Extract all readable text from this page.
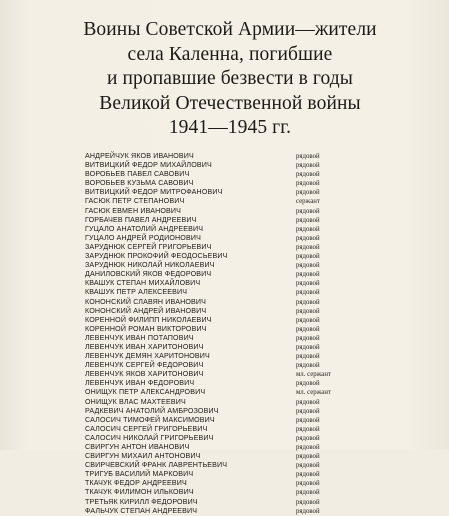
Воины Советской Армии—жители
села Каленна, погибшие
и пропавшие безвести в годы
Великой Отечественной войны
1941—1945 гг.
АНДРЕЙЧУК ЯКОВ ИВАНОВИЧ	рядовой
ВИТВИЦКИЙ ФЕДОР МИХАЙЛОВИЧ	рядовой
ВОРОБЬЕВ ПАВЕЛ САВОВИЧ	рядовой
ВОРОБЬЕВ КУЗЬМА САВОВИЧ	рядовой
ВИТВИЦКИЙ ФЕДОР МИТРОФАНОВИЧ	рядовой
ГАСЮК ПЕТР СТЕПАНОВИЧ	сержант
ГАСЮК ЕВМЕН ИВАНОВИЧ	рядовой
ГОРБАЧЕВ ПАВЕЛ АНДРЕЕВИЧ	рядовой
ГУЦАЛО АНАТОЛИЙ АНДРЕЕВИЧ	рядовой
ГУЦАЛО АНДРЕЙ РОДИОНОВИЧ	рядовой
ЗАРУДНЮК СЕРГЕЙ ГРИГОРЬЕВИЧ	рядовой
ЗАРУДНЮК ПРОКОФИЙ ФЕОДОСЬЕВИЧ	рядовой
ЗАРУДНЮК НИКОЛАЙ НИКОЛАЕВИЧ	рядовой
ДАНИЛОВСКИЙ ЯКОВ ФЕДОРОВИЧ	рядовой
КВАШУК СТЕПАН МИХАЙЛОВИЧ	рядовой
КВАШУК ПЕТР АЛЕКСЕЕВИЧ	рядовой
КОНОНСКИЙ СЛАВЯН ИВАНОВИЧ	рядовой
КОНОНСКИЙ АНДРЕЙ ИВАНОВИЧ	рядовой
КОРЕННОЙ ФИЛИПП НИКОЛАЕВИЧ	рядовой
КОРЕННОЙ РОМАН ВИКТОРОВИЧ	рядовой
ЛЕВЕНЧУК ИВАН ПОТАПОВИЧ	рядовой
ЛЕВЕНЧУК ИВАН ХАРИТОНОВИЧ	рядовой
ЛЕВЕНЧУК ДЕМЯН ХАРИТОНОВИЧ	рядовой
ЛЕВЕНЧУК СЕРГЕЙ ФЕДОРОВИЧ	рядовой
ЛЕВЕНЧУК ЯКОВ ХАРИТОНОВИЧ	мл. сержант
ЛЕВЕНЧУК ИВАН ФЕДОРОВИЧ	рядовой
ОНИЩУК ПЕТР АЛЕКСАНДРОВИЧ	мл. сержант
ОНИЩУК ВЛАС МАХТЕЕВИЧ	рядовой
РАДКЕВИЧ АНАТОЛИЙ АМБРОЗОВИЧ	рядовой
САЛОСИЧ ТИМОФЕЙ МАКСИМОВИЧ	рядовой
САЛОСИЧ СЕРГЕЙ ГРИГОРЬЕВИЧ	рядовой
САЛОСИЧ НИКОЛАЙ ГРИГОРЬЕВИЧ	рядовой
СВИРГУН АНТОН ИВАНОВИЧ	рядовой
СВИРГУН МИХАИЛ АНТОНОВИЧ	рядовой
СВИРЧЕВСКИЙ ФРАНК ЛАВРЕНТЬЕВИЧ	рядовой
ТРИГУБ ВАСИЛИЙ МАРКОВИЧ	рядовой
ТКАЧУК ФЕДОР АНДРЕЕВИЧ	рядовой
ТКАЧУК ФИЛИМОН ИЛЬКОВИЧ	рядовой
ТРЕТЬЯК КИРИЛЛ ФЕДОРОВИЧ	рядовой
ФАЛЬЧУК СТЕПАН АНДРЕЕВИЧ	рядовой
